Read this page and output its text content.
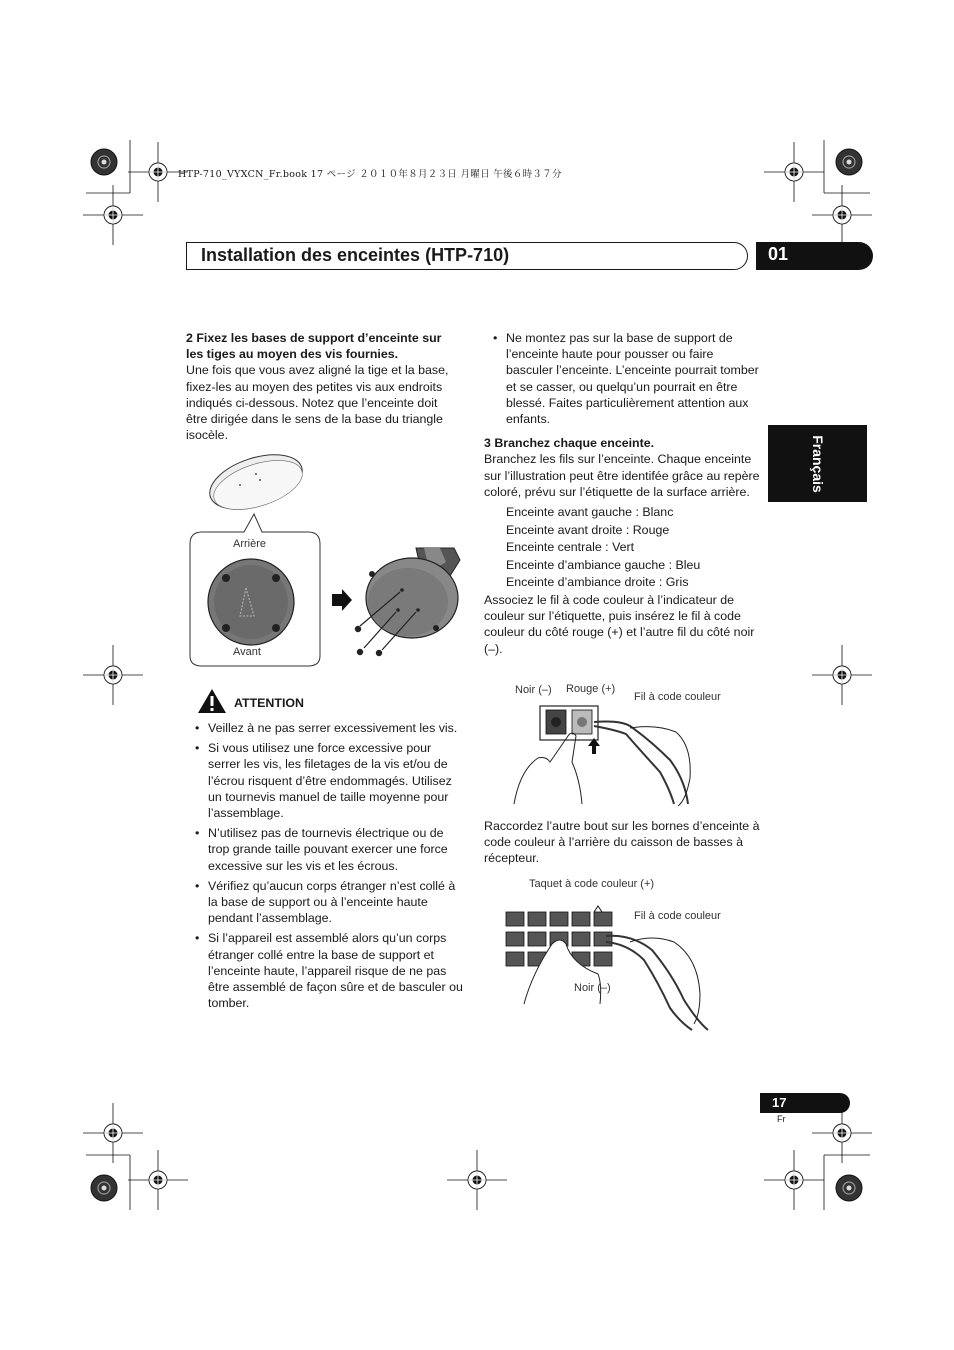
HTP-710_VYXCN_Fr.book 17 ページ ２０１０年８月２３日 月曜日 午後６時３７分
Installation des enceintes (HTP-710)	01
Français

2 Fixez les bases de support d’enceinte sur les tiges au moyen des vis fournies.

Une fois que vous avez aligné la tige et la base, fixez-les au moyen des petites vis aux endroits indiqués ci-dessous. Notez que l’enceinte doit être dirigée dans le sens de la base du triangle isocèle.

Arrière
Avant
ATTENTION
• Veillez à ne pas serrer excessivement les vis.
• Si vous utilisez une force excessive pour serrer les vis, les filetages de la vis et/ou de l’écrou risquent d’être endommagés. Utilisez un tournevis manuel de taille moyenne pour l’assemblage.
• N’utilisez pas de tournevis électrique ou de trop grande taille pouvant exercer une force excessive sur les vis et les écrous.
• Vérifiez qu’aucun corps étranger n’est collé à la base de support ou à l’enceinte haute pendant l’assemblage.
• Si l’appareil est assemblé alors qu’un corps étranger collé entre la base de support et l’enceinte haute, l’appareil risque de ne pas être assemblé de façon sûre et de basculer ou tomber.
• Ne montez pas sur la base de support de l’enceinte haute pour pousser ou faire basculer l’enceinte. L’enceinte pourrait tomber et se casser, ou quelqu’un pourrait en être blessé. Faites particulièrement attention aux enfants.

3 Branchez chaque enceinte.

Branchez les fils sur l’enceinte. Chaque enceinte sur l’illustration peut être identifée grâce au repère coloré, prévu sur l’étiquette de la surface arrière.

Enceinte avant gauche : Blanc

Enceinte avant droite : Rouge

Enceinte centrale : Vert

Enceinte d’ambiance gauche : Bleu

Enceinte d’ambiance droite : Gris

Associez le fil à code couleur à l’indicateur de couleur sur l’étiquette, puis insérez le fil à code couleur du côté rouge (+) et l’autre fil du côté noir (–).

Noir (–) Rouge (+)
Fil à code couleur

Raccordez l’autre bout sur les bornes d’enceinte à code couleur à l’arrière du caisson de basses à récepteur.

Taquet à code couleur (+)
Fil à code couleur
Noir (–)
17
Fr
